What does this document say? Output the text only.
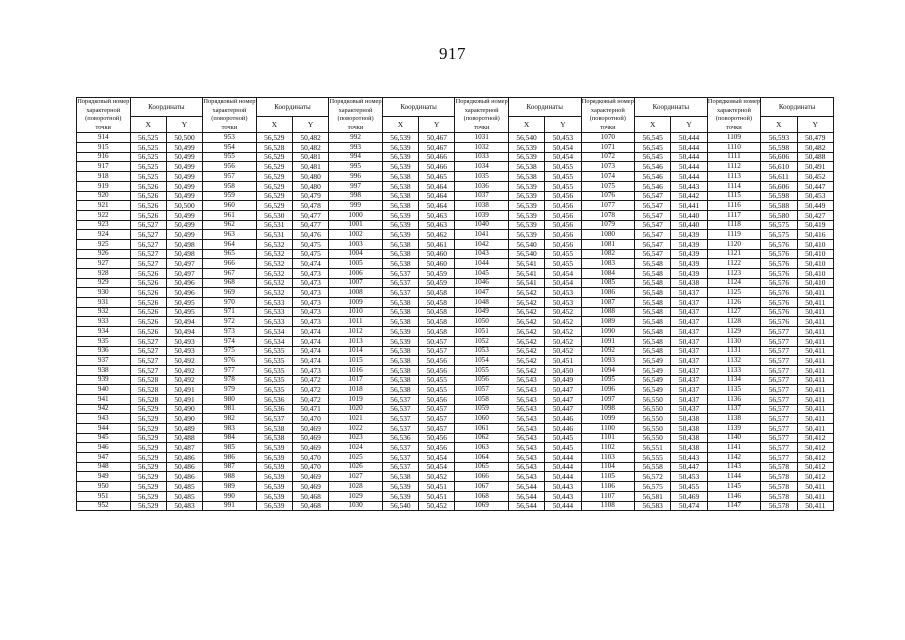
917
Порядковый номер характерной (поворотной) точки	Координаты		Порядковый номер характерной (поворотной) точки	Координаты		Порядковый номер характерной (поворотной) точки	Координаты		Порядковый номер характерной (поворотной) точки	Координаты		Порядковый номер характерной (поворотной) точки	Координаты		Порядковый номер характерной (поворотной) точки	Координаты	
	X	Y		X	Y		X	Y		X	Y		X	Y		X	Y
914	56,525	50,500	953	56,529	50,482	992	56,539	50,467	1031	56,540	50,453	1070	56,545	50,444	1109	56,593	50,479
915	56,525	50,499	954	56,528	50,482	993	56,539	50,467	1032	56,539	50,454	1071	56,545	50,444	1110	56,598	50,482
916	56,525	50,499	955	56,529	50,481	994	56,539	50,466	1033	56,539	50,454	1072	56,545	50,444	1111	56,606	50,488
917	56,525	50,499	956	56,529	50,481	995	56,539	50,466	1034	56,538	50,455	1073	56,546	50,444	1112	56,610	50,491
918	56,525	50,499	957	56,529	50,480	996	56,538	50,465	1035	56,538	50,455	1074	56,546	50,444	1113	56,611	50,452
919	56,526	50,499	958	56,529	50,480	997	56,538	50,464	1036	56,539	50,455	1075	56,546	50,443	1114	56,606	50,447
920	56,526	50,499	959	56,529	50,479	998	56,538	50,464	1037	56,539	50,456	1076	56,547	50,442	1115	56,598	50,453
921	56,526	50,500	960	56,529	50,478	999	56,538	50,464	1038	56,539	50,456	1077	56,547	50,441	1116	56,588	50,449
922	56,526	50,499	961	56,530	50,477	1000	56,539	50,463	1039	56,539	50,456	1078	56,547	50,440	1117	56,580	50,427
923	56,527	50,499	962	56,531	50,477	1001	56,539	50,463	1040	56,539	50,456	1079	56,547	50,440	1118	56,575	50,419
924	56,527	50,499	963	56,531	50,476	1002	56,539	50,462	1041	56,539	50,456	1080	56,547	50,439	1119	56,575	50,416
925	56,527	50,498	964	56,532	50,475	1003	56,538	50,461	1042	56,540	50,456	1081	56,547	50,439	1120	56,576	50,410
926	56,527	50,498	965	56,532	50,475	1004	56,538	50,460	1043	56,540	50,455	1082	56,547	50,439	1121	56,576	50,410
927	56,527	50,497	966	56,532	50,474	1005	56,538	50,460	1044	56,541	50,455	1083	56,548	50,439	1122	56,576	50,410
928	56,526	50,497	967	56,532	50,473	1006	56,537	50,459	1045	56,541	50,454	1084	56,548	50,439	1123	56,576	50,410
929	56,526	50,496	968	56,532	50,473	1007	56,537	50,459	1046	56,541	50,454	1085	56,548	50,438	1124	56,576	50,410
930	56,526	50,496	969	56,532	50,473	1008	56,537	50,458	1047	56,542	50,453	1086	56,548	50,437	1125	56,576	50,411
931	56,526	50,495	970	56,533	50,473	1009	56,538	50,458	1048	56,542	50,453	1087	56,548	50,437	1126	56,576	50,411
932	56,526	50,495	971	56,533	50,473	1010	56,538	50,458	1049	56,542	50,452	1088	56,548	50,437	1127	56,576	50,411
933	56,526	50,494	972	56,533	50,473	1011	56,538	50,458	1050	56,542	50,452	1089	56,548	50,437	1128	56,576	50,411
934	56,526	50,494	973	56,534	50,474	1012	56,539	50,458	1051	56,542	50,452	1090	56,548	50,437	1129	56,577	50,411
935	56,527	50,493	974	56,534	50,474	1013	56,539	50,457	1052	56,542	50,452	1091	56,548	50,437	1130	56,577	50,411
936	56,527	50,493	975	56,535	50,474	1014	56,538	50,457	1053	56,542	50,452	1092	56,548	50,437	1131	56,577	50,411
937	56,527	50,492	976	56,535	50,474	1015	56,538	50,456	1054	56,542	50,451	1093	56,549	50,437	1132	56,577	50,411
938	56,527	50,492	977	56,535	50,473	1016	56,538	50,456	1055	56,542	50,450	1094	56,549	50,437	1133	56,577	50,411
939	56,528	50,492	978	56,535	50,472	1017	56,538	50,455	1056	56,543	50,449	1095	56,549	50,437	1134	56,577	50,411
940	56,528	50,491	979	56,535	50,472	1018	56,538	50,455	1057	56,543	50,447	1096	56,549	50,437	1135	56,577	50,411
941	56,528	50,491	980	56,536	50,472	1019	56,537	50,456	1058	56,543	50,447	1097	56,550	50,437	1136	56,577	50,411
942	56,529	50,490	981	56,536	50,471	1020	56,537	50,457	1059	56,543	50,447	1098	56,550	50,437	1137	56,577	50,411
943	56,529	50,490	982	56,537	50,470	1021	56,537	50,457	1060	56,543	50,446	1099	56,550	50,438	1138	56,577	50,411
944	56,529	50,489	983	56,538	50,469	1022	56,537	50,457	1061	56,543	50,446	1100	56,550	50,438	1139	56,577	50,411
945	56,529	50,488	984	56,538	50,469	1023	56,536	50,456	1062	56,543	50,445	1101	56,550	50,438	1140	56,577	50,412
946	56,529	50,487	985	56,539	50,469	1024	56,537	50,456	1063	56,543	50,445	1102	56,551	50,438	1141	56,577	50,412
947	56,529	50,486	986	56,539	50,470	1025	56,537	50,454	1064	56,543	50,444	1103	56,555	50,443	1142	56,577	50,412
948	56,529	50,486	987	56,539	50,470	1026	56,537	50,454	1065	56,543	50,444	1104	56,558	50,447	1143	56,578	50,412
949	56,529	50,486	988	56,539	50,469	1027	56,538	50,452	1066	56,543	50,444	1105	56,572	50,453	1144	56,578	50,412
950	56,529	50,485	989	56,539	50,469	1028	56,539	50,451	1067	56,544	50,443	1106	56,575	50,455	1145	56,578	50,411
951	56,529	50,485	990	56,539	50,468	1029	56,539	50,451	1068	56,544	50,443	1107	56,581	50,469	1146	56,578	50,411
952	56,529	50,483	991	56,539	50,468	1030	56,540	50,452	1069	56,544	50,444	1108	56,583	50,474	1147	56,578	50,411
